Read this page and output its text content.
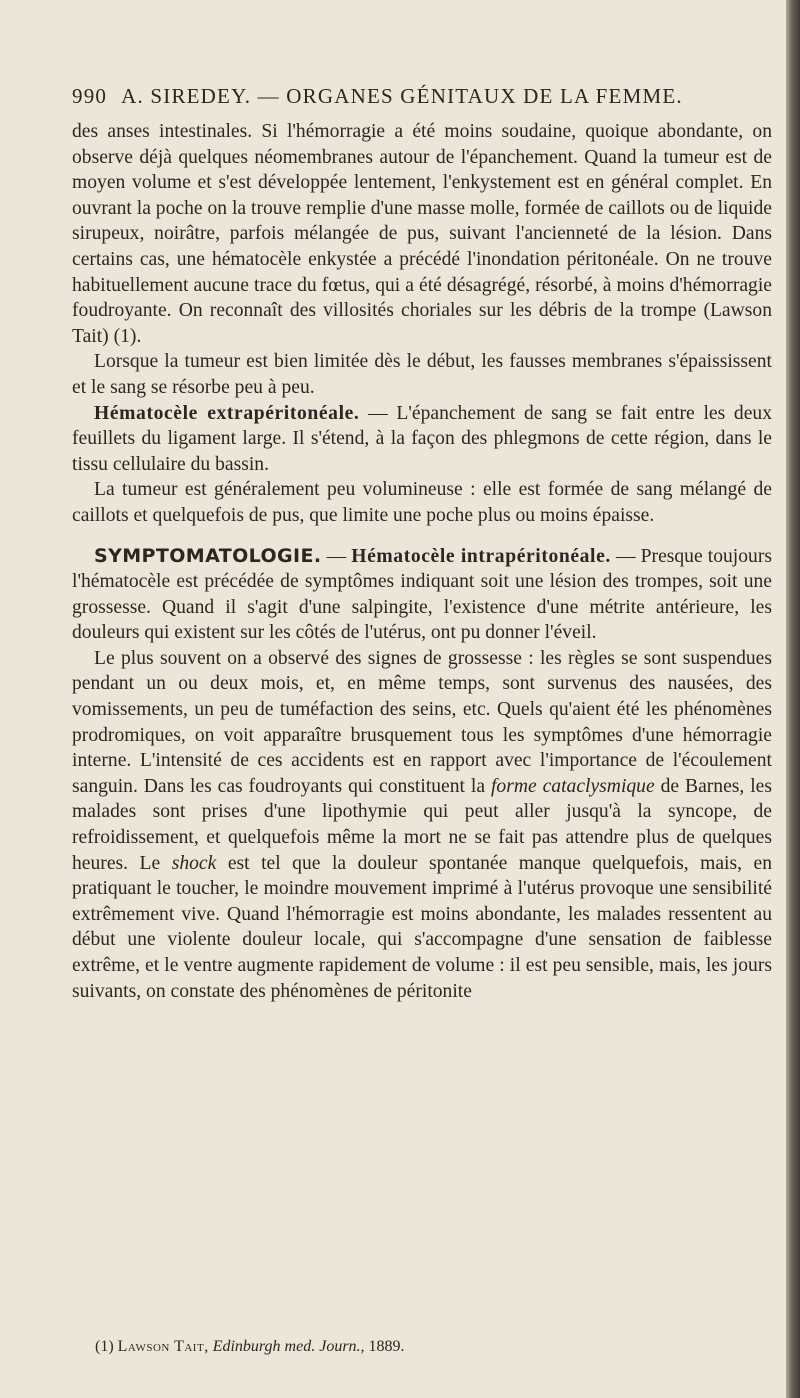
990 A. SIREDEY. — ORGANES GÉNITAUX DE LA FEMME.

des anses intestinales. Si l'hémorragie a été moins soudaine, quoique abondante, on observe déjà quelques néomembranes autour de l'épanchement. Quand la tumeur est de moyen volume et s'est développée lentement, l'enkystement est en général complet. En ouvrant la poche on la trouve remplie d'une masse molle, formée de caillots ou de liquide sirupeux, noirâtre, parfois mélangée de pus, suivant l'ancienneté de la lésion. Dans certains cas, une hématocèle enkystée a précédé l'inondation péritonéale. On ne trouve habituellement aucune trace du fœtus, qui a été désagrégé, résorbé, à moins d'hémorragie foudroyante. On reconnaît des villosités choriales sur les débris de la trompe (Lawson Tait) (1).

Lorsque la tumeur est bien limitée dès le début, les fausses membranes s'épaississent et le sang se résorbe peu à peu.

Hématocèle extrapéritonéale. — L'épanchement de sang se fait entre les deux feuillets du ligament large. Il s'étend, à la façon des phlegmons de cette région, dans le tissu cellulaire du bassin.

La tumeur est généralement peu volumineuse : elle est formée de sang mélangé de caillots et quelquefois de pus, que limite une poche plus ou moins épaisse.

SYMPTOMATOLOGIE. — Hématocèle intrapéritonéale. — Presque toujours l'hématocèle est précédée de symptômes indiquant soit une lésion des trompes, soit une grossesse. Quand il s'agit d'une salpingite, l'existence d'une métrite antérieure, les douleurs qui existent sur les côtés de l'utérus, ont pu donner l'éveil.

Le plus souvent on a observé des signes de grossesse : les règles se sont suspendues pendant un ou deux mois, et, en même temps, sont survenus des nausées, des vomissements, un peu de tuméfaction des seins, etc. Quels qu'aient été les phénomènes prodromiques, on voit apparaître brusquement tous les symptômes d'une hémorragie interne. L'intensité de ces accidents est en rapport avec l'importance de l'écoulement sanguin. Dans les cas foudroyants qui constituent la forme cataclysmique de Barnes, les malades sont prises d'une lipothymie qui peut aller jusqu'à la syncope, de refroidissement, et quelquefois même la mort ne se fait pas attendre plus de quelques heures. Le shock est tel que la douleur spontanée manque quelquefois, mais, en pratiquant le toucher, le moindre mouvement imprimé à l'utérus provoque une sensibilité extrêmement vive. Quand l'hémorragie est moins abondante, les malades ressentent au début une violente douleur locale, qui s'accompagne d'une sensation de faiblesse extrême, et le ventre augmente rapidement de volume : il est peu sensible, mais, les jours suivants, on constate des phénomènes de péritonite

(1) Lawson Tait, Edinburgh med. Journ., 1889.
